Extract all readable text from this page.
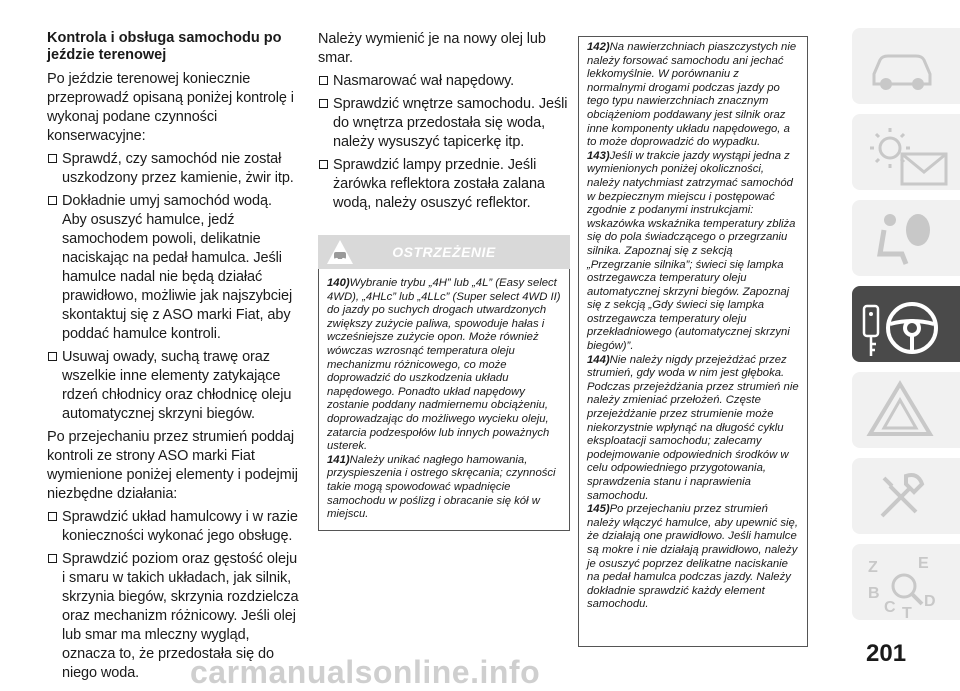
Kontrola i obsługa samochodu po jeździe terenowej

Po jeździe terenowej koniecznie przeprowadź opisaną poniżej kontrolę i wykonaj podane czynności konserwacyjne:

Sprawdź, czy samochód nie został uszkodzony przez kamienie, żwir itp.

Dokładnie umyj samochód wodą. Aby osuszyć hamulce, jedź samochodem powoli, delikatnie naciskając na pedał hamulca. Jeśli hamulce nadal nie będą działać prawidłowo, możliwie jak najszybciej skontaktuj się z ASO marki Fiat, aby poddać hamulce kontroli.

Usuwaj owady, suchą trawę oraz wszelkie inne elementy zatykające rdzeń chłodnicy oraz chłodnicę oleju automatycznej skrzyni biegów.

Po przejechaniu przez strumień poddaj kontroli ze strony ASO marki Fiat wymienione poniżej elementy i podejmij niezbędne działania:

Sprawdzić układ hamulcowy i w razie konieczności wykonać jego obsługę.

Sprawdzić poziom oraz gęstość oleju i smaru w takich układach, jak silnik, skrzynia biegów, skrzynia rozdzielcza oraz mechanizm różnicowy. Jeśli olej lub smar ma mleczny wygląd, oznacza to, że przedostała się do niego woda.

Należy wymienić je na nowy olej lub smar.

Nasmarować wał napędowy.

Sprawdzić wnętrze samochodu. Jeśli do wnętrza przedostała się woda, należy wysuszyć tapicerkę itp.

Sprawdzić lampy przednie. Jeśli żarówka reflektora została zalana wodą, należy osuszyć reflektor.

OSTRZEŻENIE

140)Wybranie trybu „4H” lub „4L” (Easy select 4WD), „4HLc” lub „4LLc” (Super select 4WD II) do jazdy po suchych drogach utwardzonych zwiększy zużycie paliwa, spowoduje hałas i wcześniejsze zużycie opon. Może również wówczas wzrosnąć temperatura oleju mechanizmu różnicowego, co może doprowadzić do uszkodzenia układu napędowego. Ponadto układ napędowy zostanie poddany nadmiernemu obciążeniu, doprowadzając do możliwego wycieku oleju, zatarcia podzespołów lub innych poważnych usterek.

141)Należy unikać nagłego hamowania, przyspieszenia i ostrego skręcania; czynności takie mogą spowodować wpadnięcie samochodu w poślizg i obracanie się kół w miejscu.

142)Na nawierzchniach piaszczystych nie należy forsować samochodu ani jechać lekkomyślnie. W porównaniu z normalnymi drogami podczas jazdy po tego typu nawierzchniach znacznym obciążeniom poddawany jest silnik oraz inne komponenty układu napędowego, a to może doprowadzić do wypadku.

143)Jeśli w trakcie jazdy wystąpi jedna z wymienionych poniżej okoliczności, należy natychmiast zatrzymać samochód w bezpiecznym miejscu i postępować zgodnie z podanymi instrukcjami: wskazówka wskaźnika temperatury zbliża się do pola świadczącego o przegrzaniu silnika. Zapoznaj się z sekcją „Przegrzanie silnika”; świeci się lampka ostrzegawcza temperatury oleju automatycznej skrzyni biegów. Zapoznaj się z sekcją „Gdy świeci się lampka ostrzegawcza temperatury oleju przekładniowego (automatycznej skrzyni biegów)”.

144)Nie należy nigdy przejeżdżać przez strumień, gdy woda w nim jest głęboka. Podczas przejeżdżania przez strumień nie należy zmieniać przełożeń. Częste przejeżdżanie przez strumienie może niekorzystnie wpłynąć na długość cyklu eksploatacji samochodu; zalecamy podejmowanie odpowiednich środków w celu odpowiedniego przygotowania, sprawdzenia stanu i naprawienia samochodu.

145)Po przejechaniu przez strumień należy włączyć hamulce, aby upewnić się, że działają one prawidłowo. Jeśli hamulce są mokre i nie działają prawidłowo, należy je osuszyć poprzez delikatne naciskanie na pedał hamulca podczas jazdy. Należy dokładnie sprawdzić każdy element samochodu.

Z	E
B
C T
D
201
carmanualsonline.info
